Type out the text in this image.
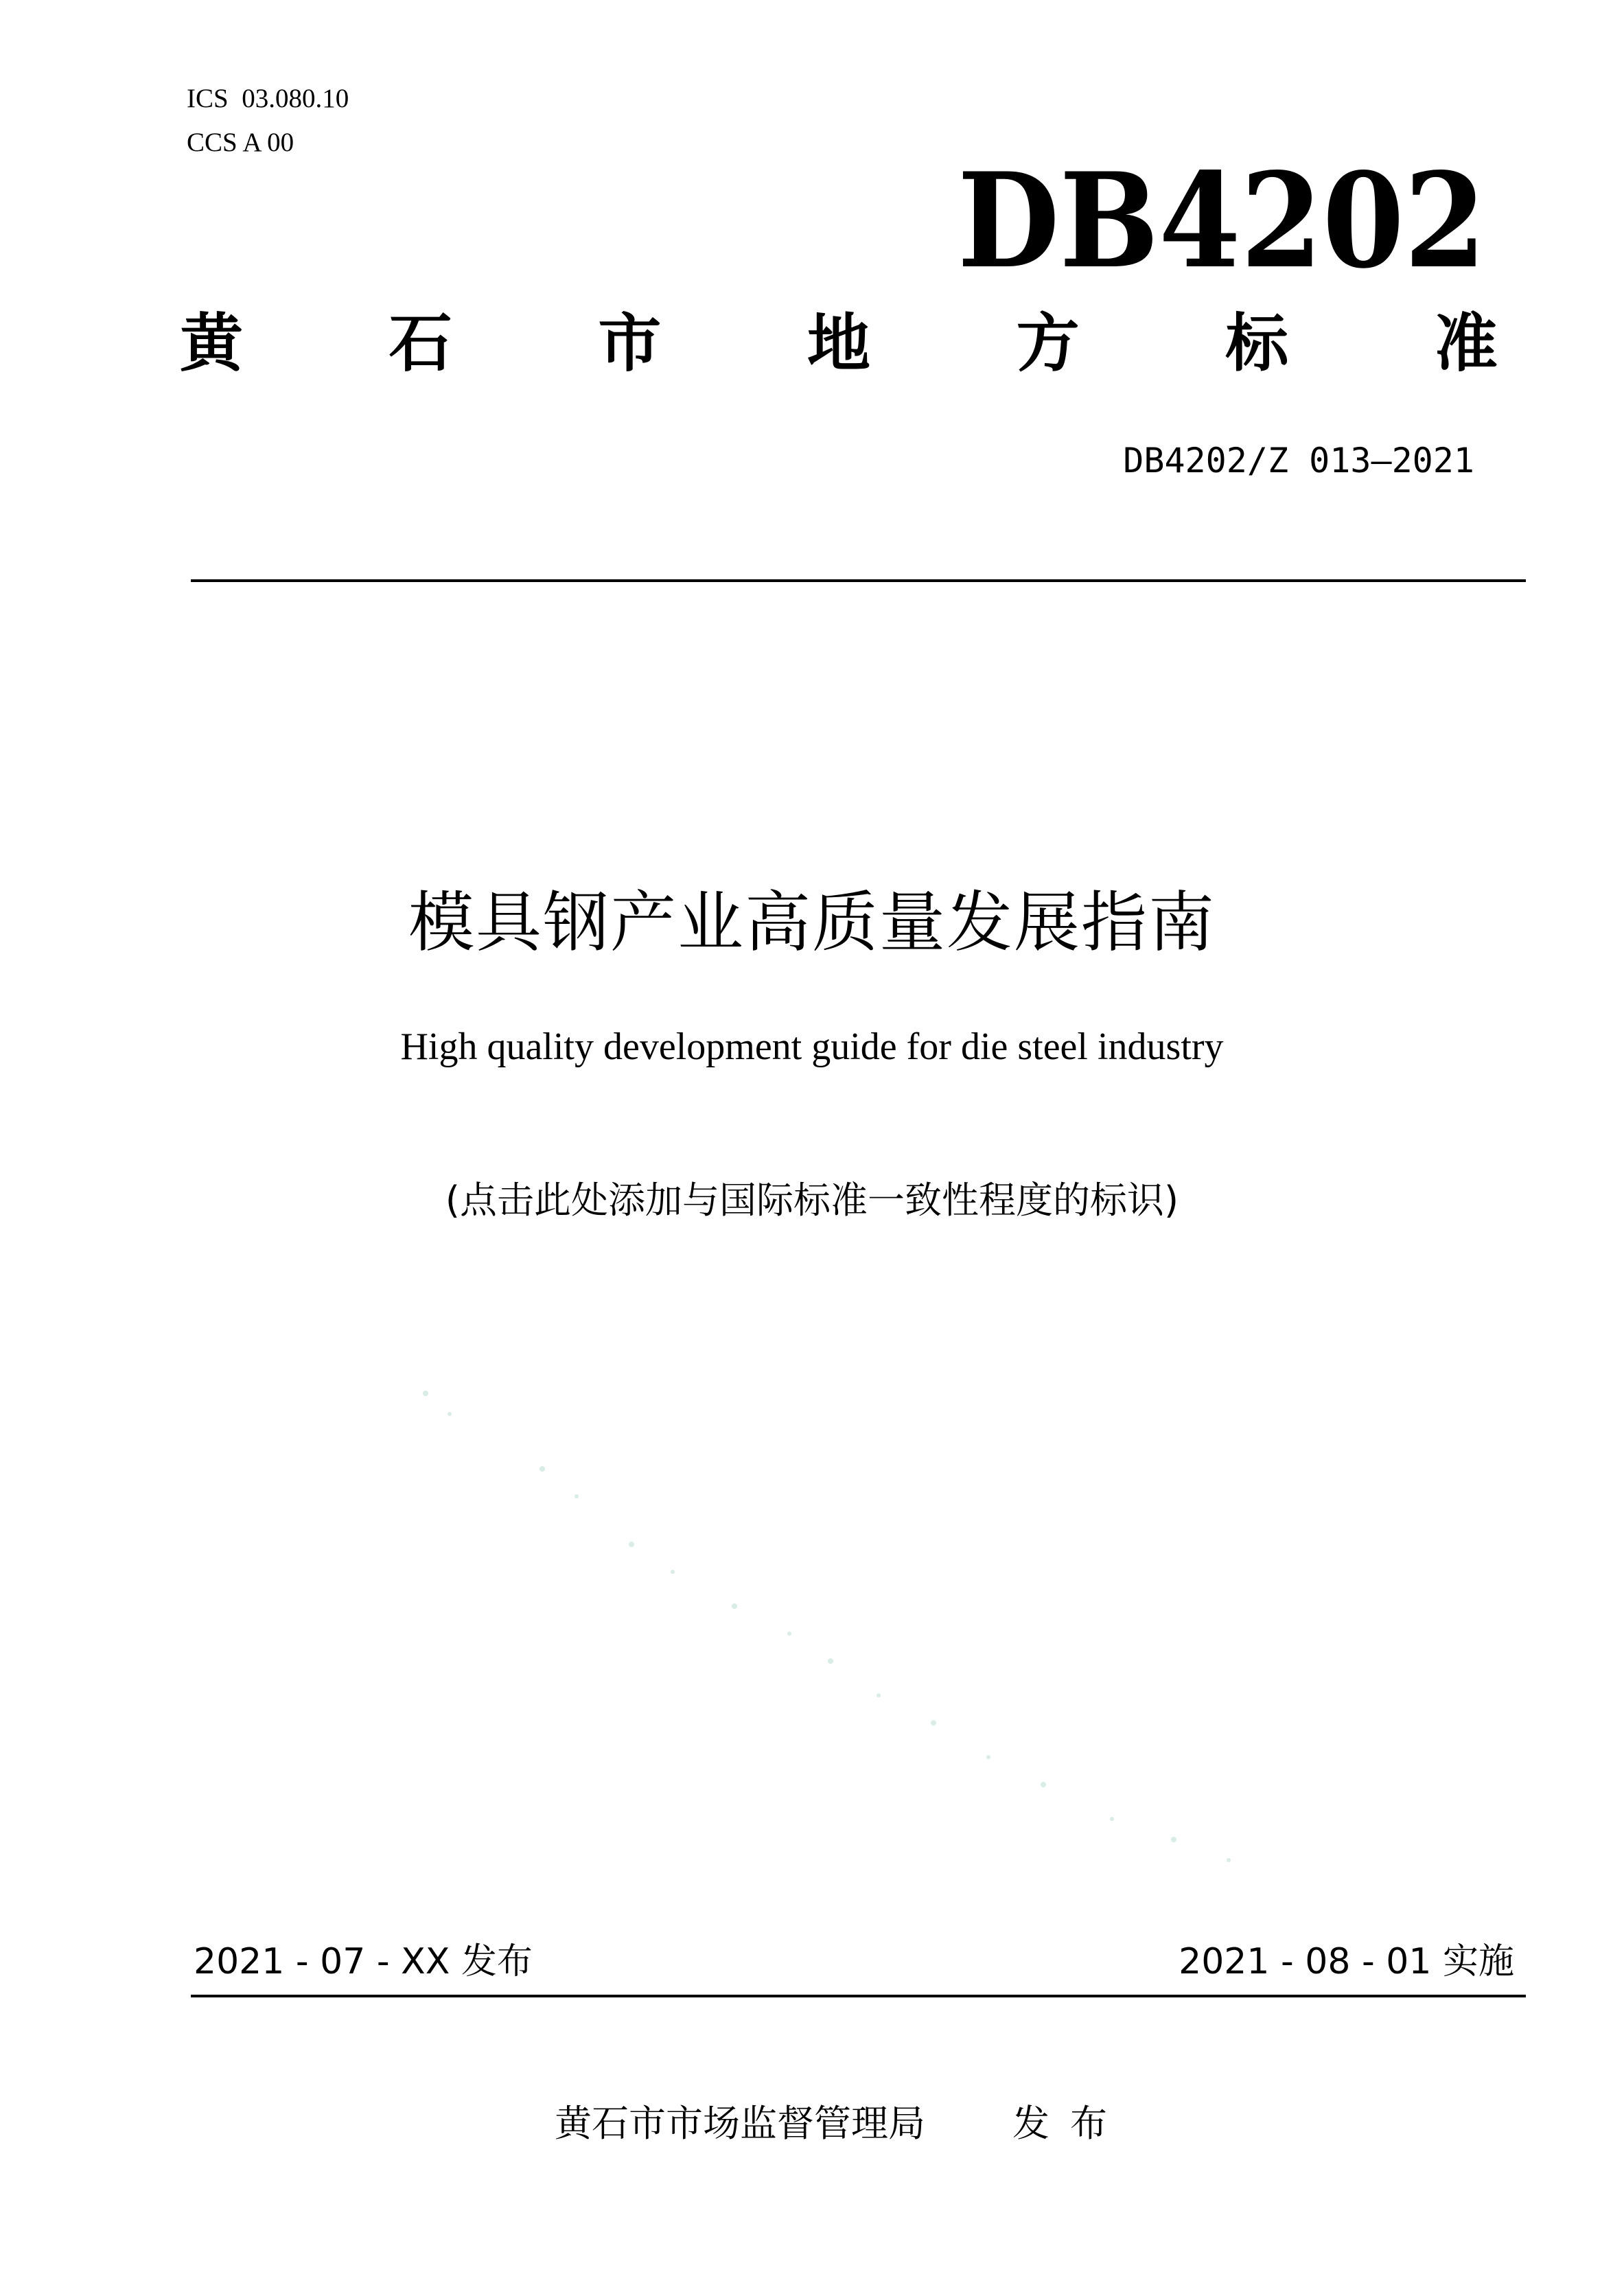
ICS  03.080.10
CCS A 00
DB4202
黄 石 市 地 方 标 准
DB4202/Z 013—2021
模具钢产业高质量发展指南
High quality development guide for die steel industry
(点击此处添加与国际标准一致性程度的标识)
2021 - 07 - XX 发布	2021 - 08 - 01 实施
黄石市市场监督管理局 发布
